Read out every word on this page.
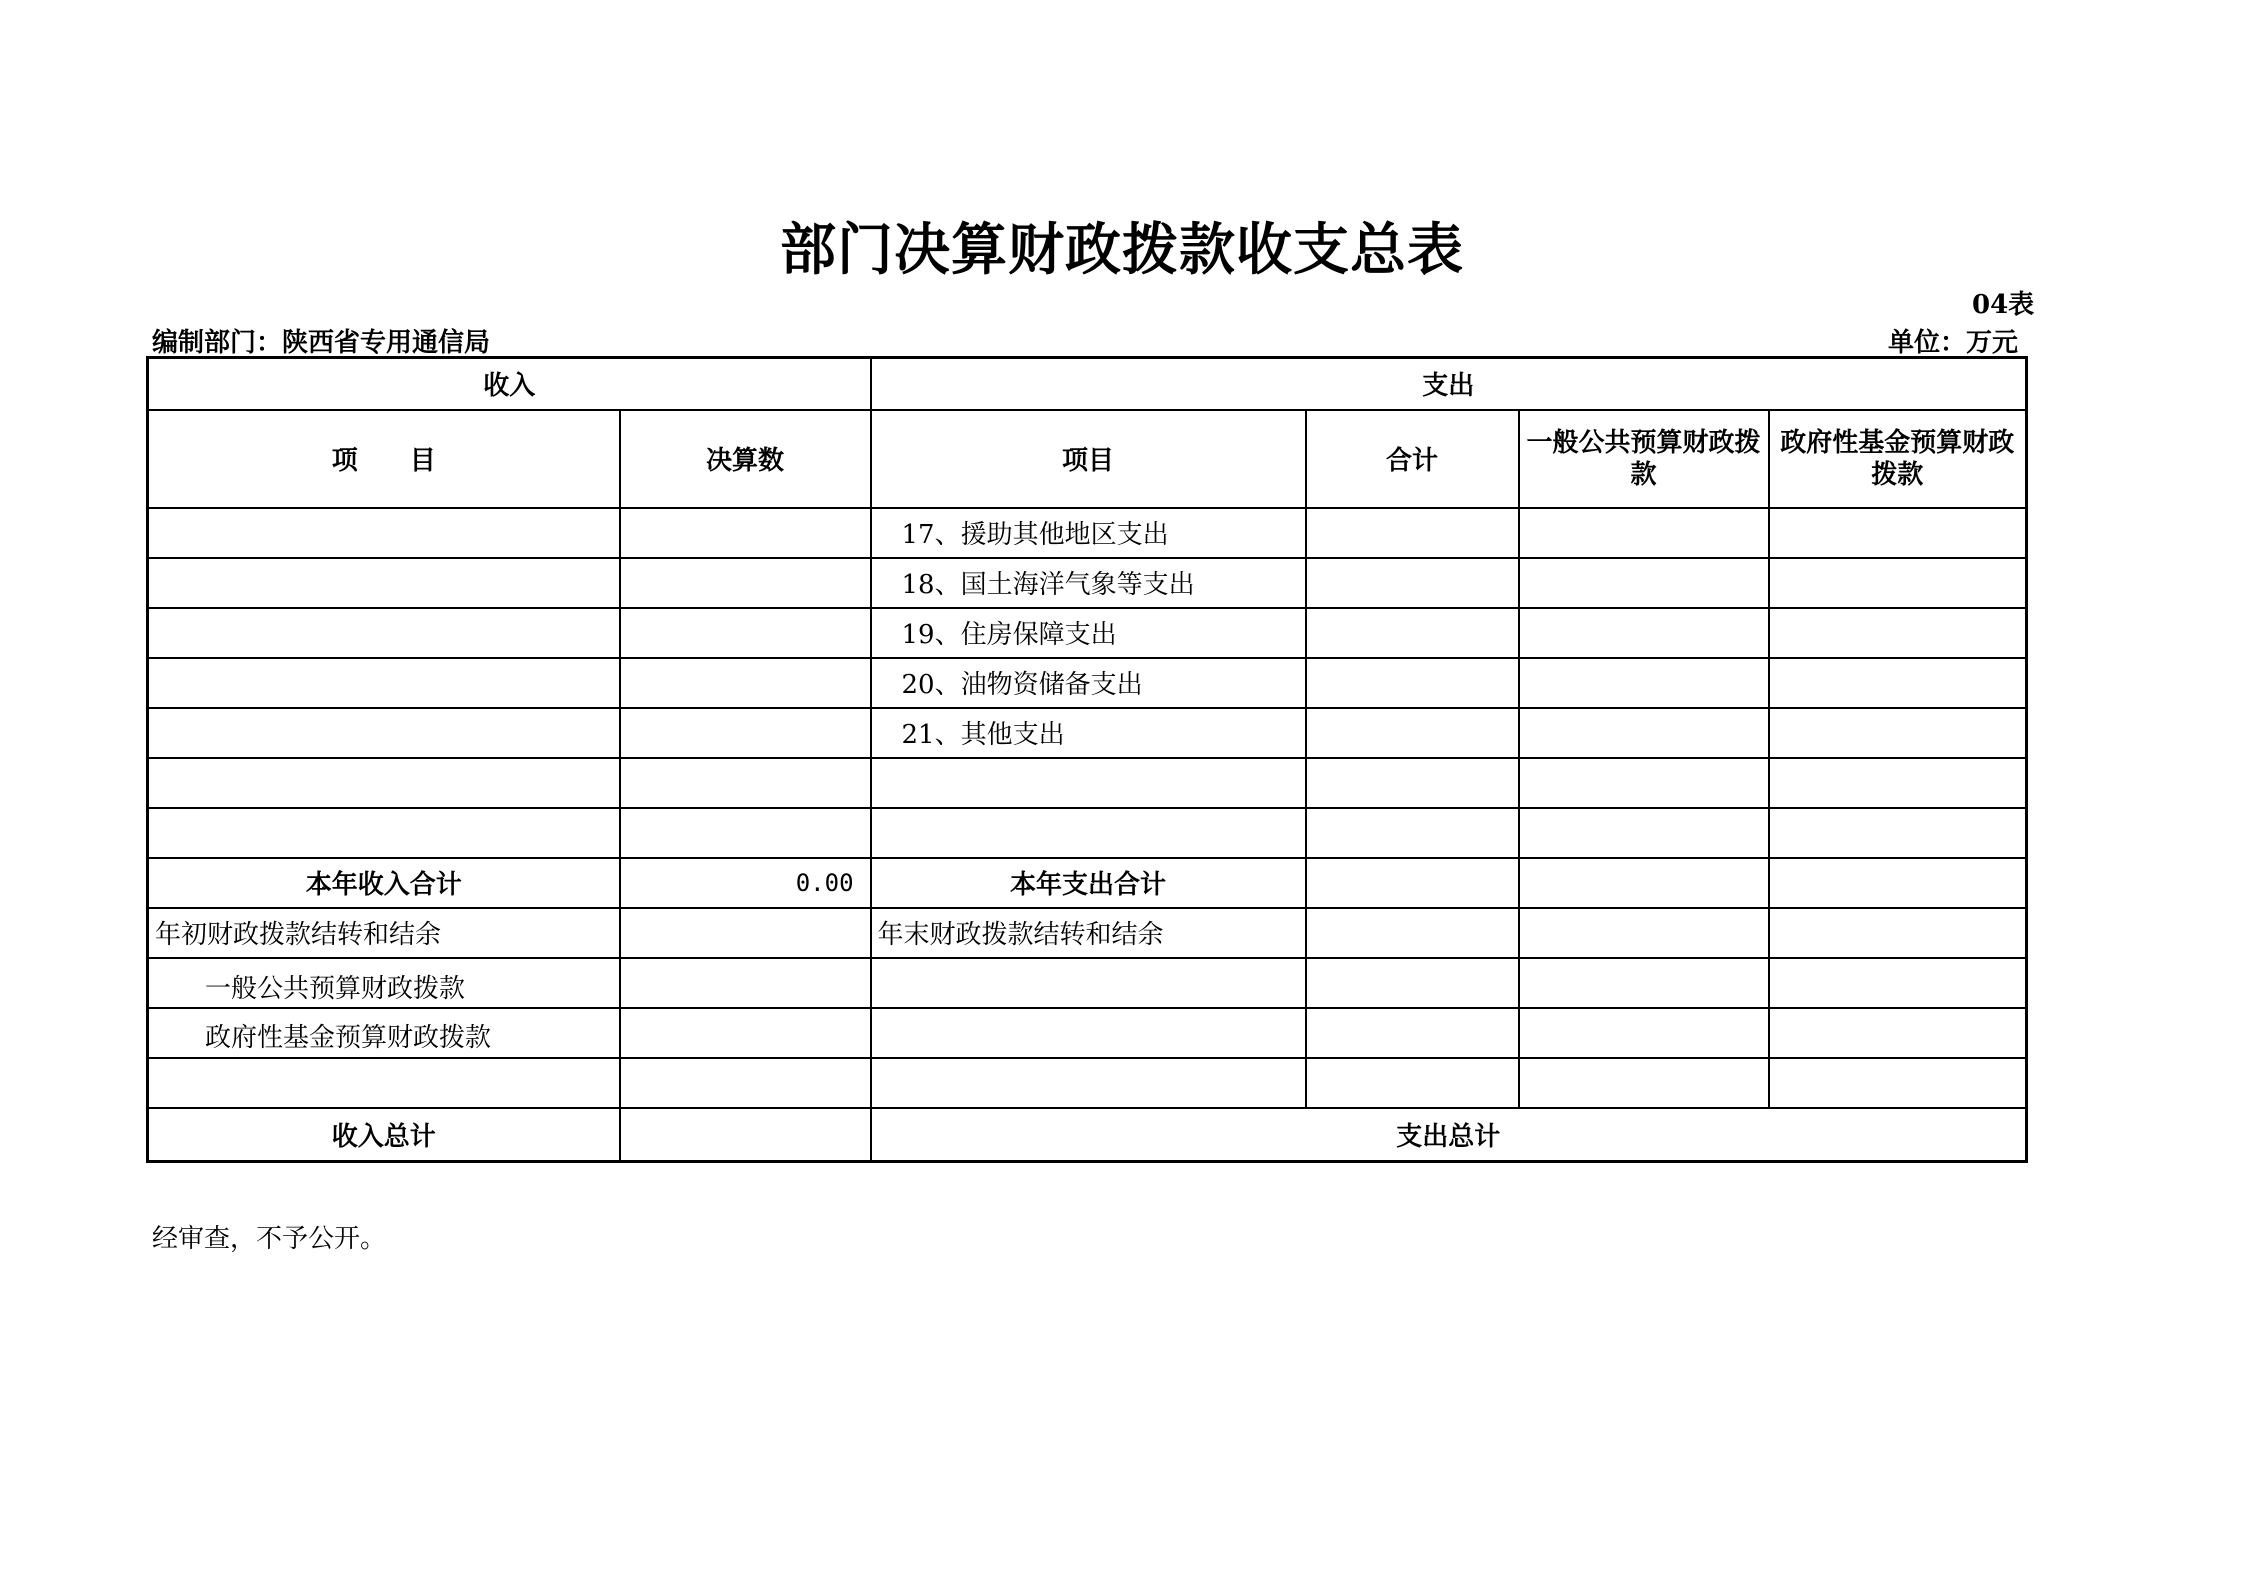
部门决算财政拨款收支总表
04表
编制部门：陕西省专用通信局	单位：万元
收入		支出			
项　　目	决算数	项目	合计	一般公共预算财政拨款	政府性基金预算财政拨款
		17、援助其他地区支出			
		18、国土海洋气象等支出			
		19、住房保障支出			
		20、油物资储备支出			
		21、其他支出			

本年收入合计	0.00	本年支出合计			
年初财政拨款结转和结余		年末财政拨款结转和结余			
一般公共预算财政拨款					
政府性基金预算财政拨款					

收入总计		支出总计			
经审查，不予公开。
